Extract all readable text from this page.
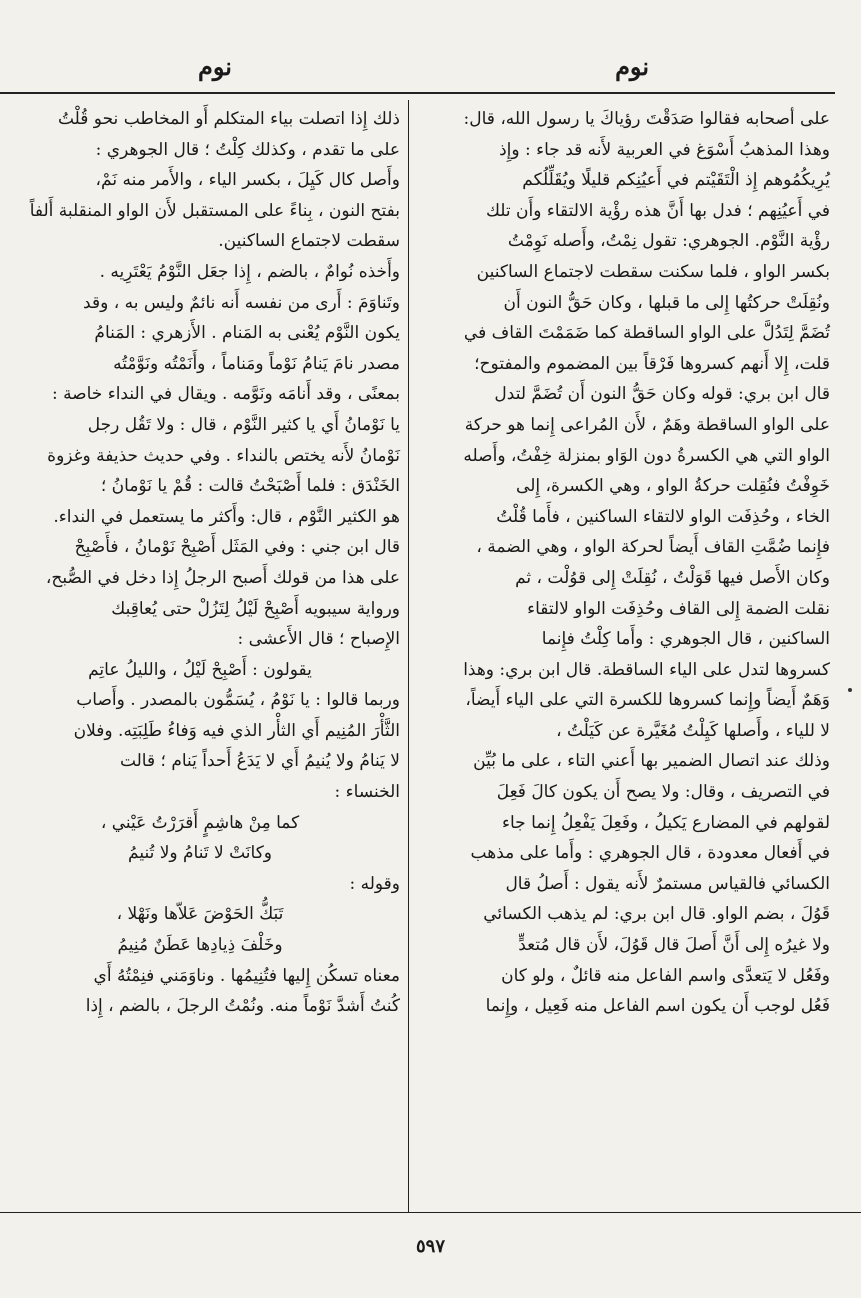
نوم
نوم

على أصحابه فقالوا صَدَقْتَ رؤياكَ يا رسول الله، قال:

وهذا المذهبُ أَسْوَغ في العربية لأَنه قد جاء : وإِذ

يُرِيكُمُوهم إِذ الْتَقَيْتم في أَعيُنِكم قليلًا ويُقَلِّلُكم

في أَعيُنِهم ؛ فدل بها أَنَّ هذه رؤْية الالتقاء وأَن تلك

رؤْية النَّوْم. الجوهري: تقول نِمْتُ، وأَصله نَوِمْتُ

بكسر الواو ، فلما سكنت سقطت لاجتماع الساكنين

ونُقِلَتْ حركتُها إِلى ما قبلها ، وكان حَقُّ النون أَن

تُضَمَّ لِتَدُلَّ على الواو الساقطة كما ضَمَمْتَ القاف في

قلت، إِلا أَنهم كسروها فَرْقاً بين المضموم والمفتوح؛

قال ابن بري: قوله وكان حَقُّ النون أَن تُضَمَّ لتدل

على الواو الساقطة وهَمٌ ، لأَن المُراعى إِنما هو حركة

الواو التي هي الكسرةُ دون الوَاو بمنزلة خِفْتُ، وأَصله

خَوِفْتُ فنُقِلت حركةُ الواو ، وهي الكسرة، إِلى

الخاء ، وحُذِفَت الواو لالتقاء الساكنين ، فأَما قُلْتُ

فإِنما ضُمَّتِ القاف أَيضاً لحركة الواو ، وهي الضمة ،

وكان الأَصل فيها قَوَلْتُ ، نُقِلَتْ إِلى قوُلْت ، ثم

نقلت الضمة إِلى القاف وحُذِفَت الواو لالتقاء

الساكنين ، قال الجوهري : وأَما كِلْتُ فإِنما

كسروها لتدل على الياء الساقطة. قال ابن بري: وهذا

وَهَمٌ أَيضاً وإِنما كسروها للكسرة التي على الياء أَيضاً،

لا للياء ، وأَصلها كَيِلْتُ مُغَيَّرة عن كَيَلْتُ ،

وذلك عند اتصال الضمير بها أَعني التاء ، على ما بُيِّن

في التصريف ، وقال: ولا يصح أَن يكون كالَ فَعِلَ

لقولهم في المضارع يَكيلُ ، وفَعِلَ يَفْعِلُ إِنما جاء

في أَفعال معدودة ، قال الجوهري : وأَما على مذهب

الكسائي فالقياس مستمرٌ لأَنه يقول : أَصلُ قال

قَوُلَ ، بضم الواو. قال ابن بري: لم يذهب الكسائي

ولا غيرُه إِلى أَنَّ أَصلَ قال قَوُلَ، لأَن قال مُتعدٍّ

وفَعُل لا يَتعدَّى واسم الفاعل منه قائلٌ ، ولو كان

فَعُل لوجب أَن يكون اسم الفاعل منه فَعِيل ، وإِنما

ذلك إِذا اتصلت بياء المتكلم أَو المخاطب نحو قُلْتُ

على ما تقدم ، وكذلك كِلْتُ ؛ قال الجوهري :

وأَصل كال كَيِلَ ، بكسر الياء ، والأَمر منه نَمْ،

بفتح النون ، بِناءً على المستقبل لأَن الواو المنقلبة أَلفاً

سقطت لاجتماع الساكنين.

وأَخذه نُوامٌ ، بالضم ، إِذا جعَل النَّوْمُ يَعْتَرِيه .

وتَناوَمَ : أَرى من نفسه أَنه نائمٌ وليس به ، وقد

يكون النَّوْم يُعْنى به المَنام . الأَزهري : المَنامُ

مصدر نامَ يَنامُ نَوْماً ومَناماً ، وأَنَمْتُه ونَوَّمْتُه

بمعنًى ، وقد أَنامَه ونَوَّمه . ويقال في النداء خاصة :

يا نَوْمانُ أَي يا كثير النَّوْم ، قال : ولا تَقُل رجل

نَوْمانُ لأَنه يختص بالنداء . وفي حديث حذيفة وغزوة

الخَنْدَق : فلما أَصْبَحْتُ قالت : قُمْ يا نَوْمانُ ؛

هو الكثير النَّوْم ، قال: وأَكثر ما يستعمل في النداء.

قال ابن جني : وفي المَثَل أَصْبِحْ نَوْمانُ ، فأَصْبِحْ

على هذا من قولك أَصبح الرجلُ إِذا دخل في الصُّبح،

ورواية سيبويه أَصْبِحْ لَيْلُ لِتَزُلْ حتى يُعاقِبك

الإِصباح ؛ قال الأَعشى :

يقولون : أَصْبِحْ لَيْلُ ، والليلُ عاتِم

وربما قالوا : يا نَوْمُ ، يُسَمُّون بالمصدر . وأَصاب

الثَّأْرَ المُنِيم أَي الثأْر الذي فيه وَفاءُ طَلِبَتِه. وفلان

لا يَنامُ ولا يُنيمُ أَي لا يَدَعُ أَحداً يَنام ؛ قالت

الخنساء :

كما مِنْ هاشِمٍ أَقرَرْتُ عَيْني ،

وكانَتْ لا تَنامُ ولا تُنيمُ

وقوله :

تَبَكُّ الحَوْضَ عَلاّها ونَهْلا ،

وخَلْفَ ذِيادِها عَطَنٌ مُنِيمُ

معناه تسكُن إِليها فتُنِيمُها . وناوَمَني فنِمْتُهُ أَي

كُنتُ أَشدَّ نَوْماً منه. ونُمْتُ الرجلَ ، بالضم ، إِذا

٥٩٧
